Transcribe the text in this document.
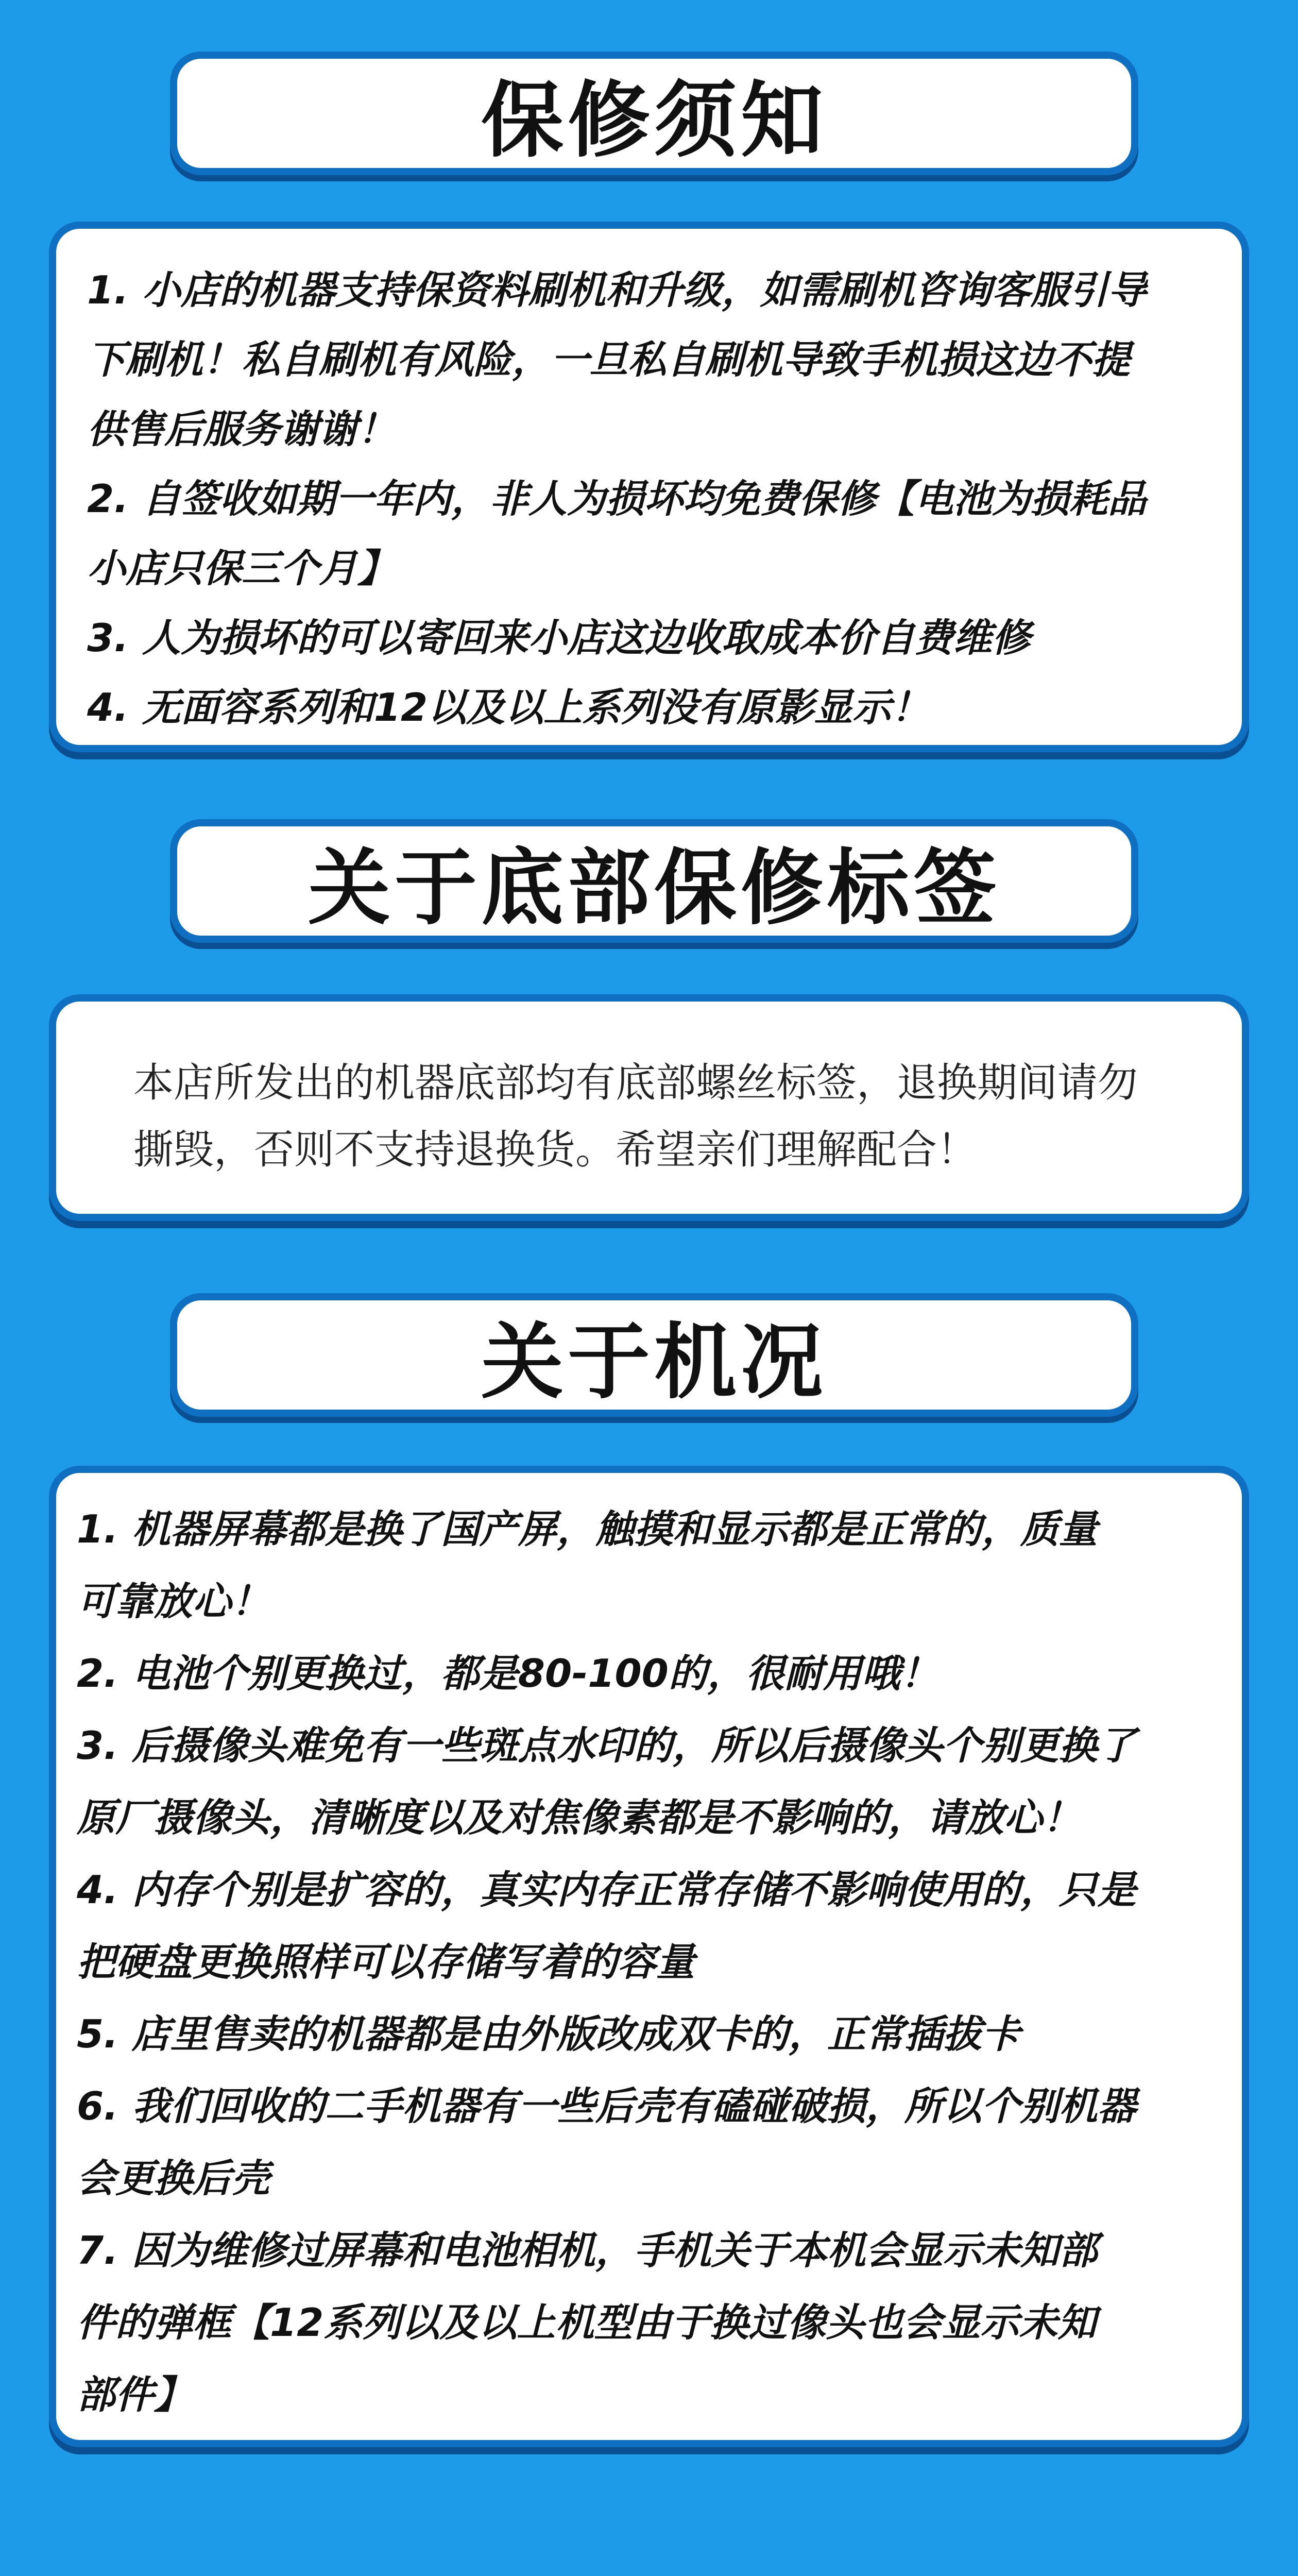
保修须知
1. 小店的机器支持保资料刷机和升级，如需刷机咨询客服引导
下刷机！私自刷机有风险，一旦私自刷机导致手机损这边不提
供售后服务谢谢！
2. 自签收如期一年内，非人为损坏均免费保修【电池为损耗品
小店只保三个月】
3. 人为损坏的可以寄回来小店这边收取成本价自费维修
4. 无面容系列和12以及以上系列没有原影显示！
关于底部保修标签
本店所发出的机器底部均有底部螺丝标签，退换期间请勿
撕毁，否则不支持退换货。希望亲们理解配合！
关于机况
1. 机器屏幕都是换了国产屏，触摸和显示都是正常的，质量
可靠放心！
2. 电池个别更换过，都是80-100的，很耐用哦！
3. 后摄像头难免有一些斑点水印的，所以后摄像头个别更换了
原厂摄像头，清晰度以及对焦像素都是不影响的，请放心！
4. 内存个别是扩容的，真实内存正常存储不影响使用的，只是
把硬盘更换照样可以存储写着的容量
5. 店里售卖的机器都是由外版改成双卡的，正常插拔卡
6. 我们回收的二手机器有一些后壳有磕碰破损，所以个别机器
会更换后壳
7. 因为维修过屏幕和电池相机，手机关于本机会显示未知部
件的弹框【12系列以及以上机型由于换过像头也会显示未知
部件】
